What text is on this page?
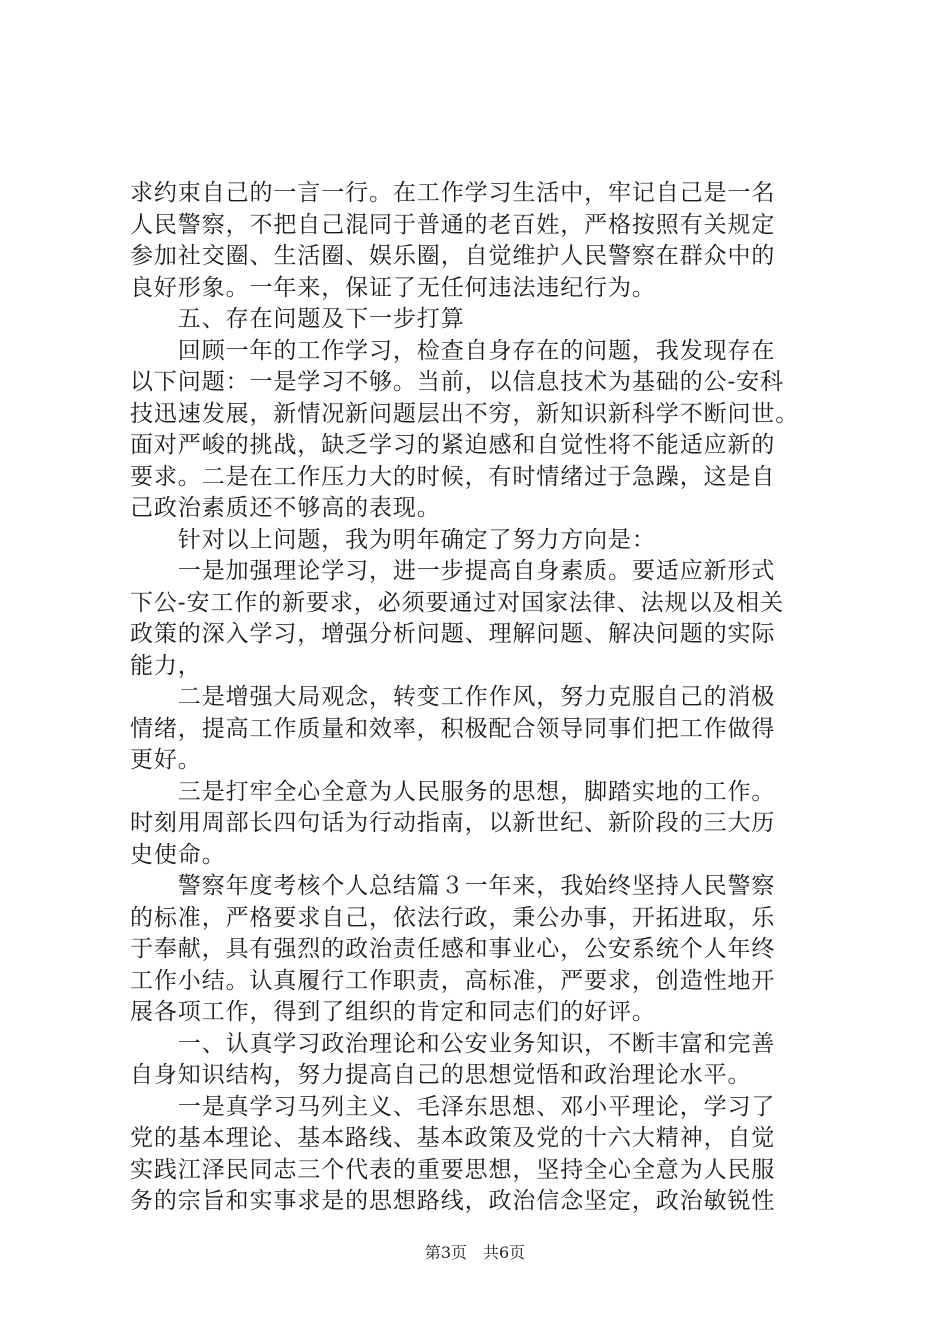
求约束自己的一言一行。在工作学习生活中，牢记自己是一名
人民警察，不把自己混同于普通的老百姓，严格按照有关规定
参加社交圈、生活圈、娱乐圈，自觉维护人民警察在群众中的
良好形象。一年来，保证了无任何违法违纪行为。
　　五、存在问题及下一步打算
　　回顾一年的工作学习，检查自身存在的问题，我发现存在
以下问题：一是学习不够。当前，以信息技术为基础的公-安科
技迅速发展，新情况新问题层出不穷，新知识新科学不断问世。
面对严峻的挑战，缺乏学习的紧迫感和自觉性将不能适应新的
要求。二是在工作压力大的时候，有时情绪过于急躁，这是自
己政治素质还不够高的表现。
　　针对以上问题，我为明年确定了努力方向是：
　　一是加强理论学习，进一步提高自身素质。要适应新形式
下公-安工作的新要求，必须要通过对国家法律、法规以及相关
政策的深入学习，增强分析问题、理解问题、解决问题的实际
能力，
　　二是增强大局观念，转变工作作风，努力克服自己的消极
情绪，提高工作质量和效率，积极配合领导同事们把工作做得
更好。
　　三是打牢全心全意为人民服务的思想，脚踏实地的工作。
时刻用周部长四句话为行动指南，以新世纪、新阶段的三大历
史使命。
　　警察年度考核个人总结篇３一年来，我始终坚持人民警察
的标准，严格要求自己，依法行政，秉公办事，开拓进取，乐
于奉献，具有强烈的政治责任感和事业心，公安系统个人年终
工作小结。认真履行工作职责，高标准，严要求，创造性地开
展各项工作，得到了组织的肯定和同志们的好评。
　　一、认真学习政治理论和公安业务知识，不断丰富和完善
自身知识结构，努力提高自己的思想觉悟和政治理论水平。
　　一是真学习马列主义、毛泽东思想、邓小平理论，学习了
党的基本理论、基本路线、基本政策及党的十六大精神，自觉
实践江泽民同志三个代表的重要思想，坚持全心全意为人民服
务的宗旨和实事求是的思想路线，政治信念坚定，政治敏锐性
第3页　共6页
